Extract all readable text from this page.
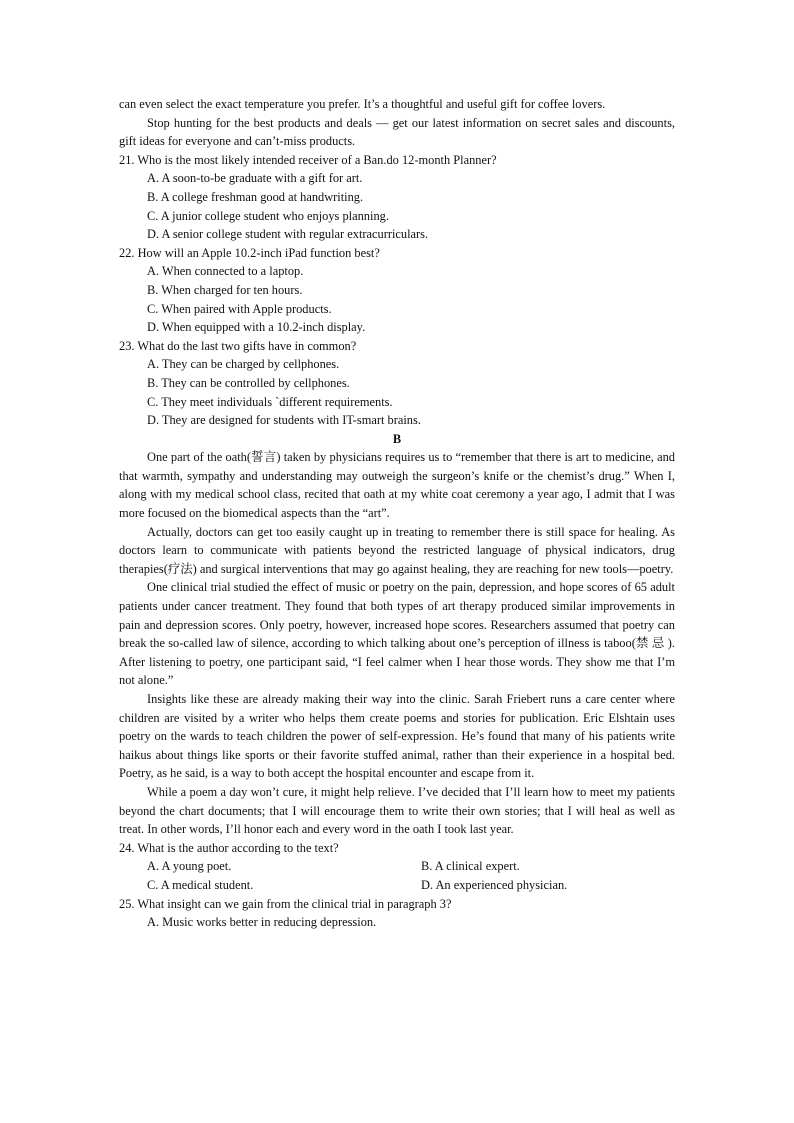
can even select the exact temperature you prefer. It’s a thoughtful and useful gift for coffee lovers.

Stop hunting for the best products and deals — get our latest information on secret sales and discounts, gift ideas for everyone and can’t-miss products.

21. Who is the most likely intended receiver of a Ban.do 12-month Planner?

A. A soon-to-be graduate with a gift for art.

B. A college freshman good at handwriting.

C. A junior college student who enjoys planning.

D. A senior college student with regular extracurriculars.

22. How will an Apple 10.2-inch iPad function best?

A. When connected to a laptop.

B. When charged for ten hours.

C. When paired with Apple products.

D. When equipped with a 10.2-inch display.

23. What do the last two gifts have in common?

A. They can be charged by cellphones.

B. They can be controlled by cellphones.

C. They meet individuals ˋdifferent requirements.

D. They are designed for students with IT-smart brains.

B

One part of the oath(誓言) taken by physicians requires us to “remember that there is art to medicine, and that warmth, sympathy and understanding may outweigh the surgeon’s knife or the chemist’s drug.” When I, along with my medical school class, recited that oath at my white coat ceremony a year ago, I admit that I was more focused on the biomedical aspects than the “art”.

Actually, doctors can get too easily caught up in treating to remember there is still space for healing. As doctors learn to communicate with patients beyond the restricted language of physical indicators, drug therapies(疗法) and surgical interventions that may go against healing, they are reaching for new tools—poetry.

One clinical trial studied the effect of music or poetry on the pain, depression, and hope scores of 65 adult patients under cancer treatment. They found that both types of art therapy produced similar improvements in pain and depression scores. Only poetry, however, increased hope scores. Researchers assumed that poetry can break the so-called law of silence, according to which talking about one’s perception of illness is taboo(禁 忌 ). After listening to poetry, one participant said, “I feel calmer when I hear those words. They show me that I’m not alone.”

Insights like these are already making their way into the clinic. Sarah Friebert runs a care center where children are visited by a writer who helps them create poems and stories for publication. Eric Elshtain uses poetry on the wards to teach children the power of self-expression. He’s found that many of his patients write haikus about things like sports or their favorite stuffed animal, rather than their experience in a hospital bed. Poetry, as he said, is a way to both accept the hospital encounter and escape from it.

While a poem a day won’t cure, it might help relieve. I’ve decided that I’ll learn how to meet my patients beyond the chart documents; that I will encourage them to write their own stories; that I will heal as well as treat. In other words, I’ll honor each and every word in the oath I took last year.

24. What is the author according to the text?

A. A young poet.	B. A clinical expert.
C. A medical student.	D. An experienced physician.

25. What insight can we gain from the clinical trial in paragraph 3?

A. Music works better in reducing depression.
